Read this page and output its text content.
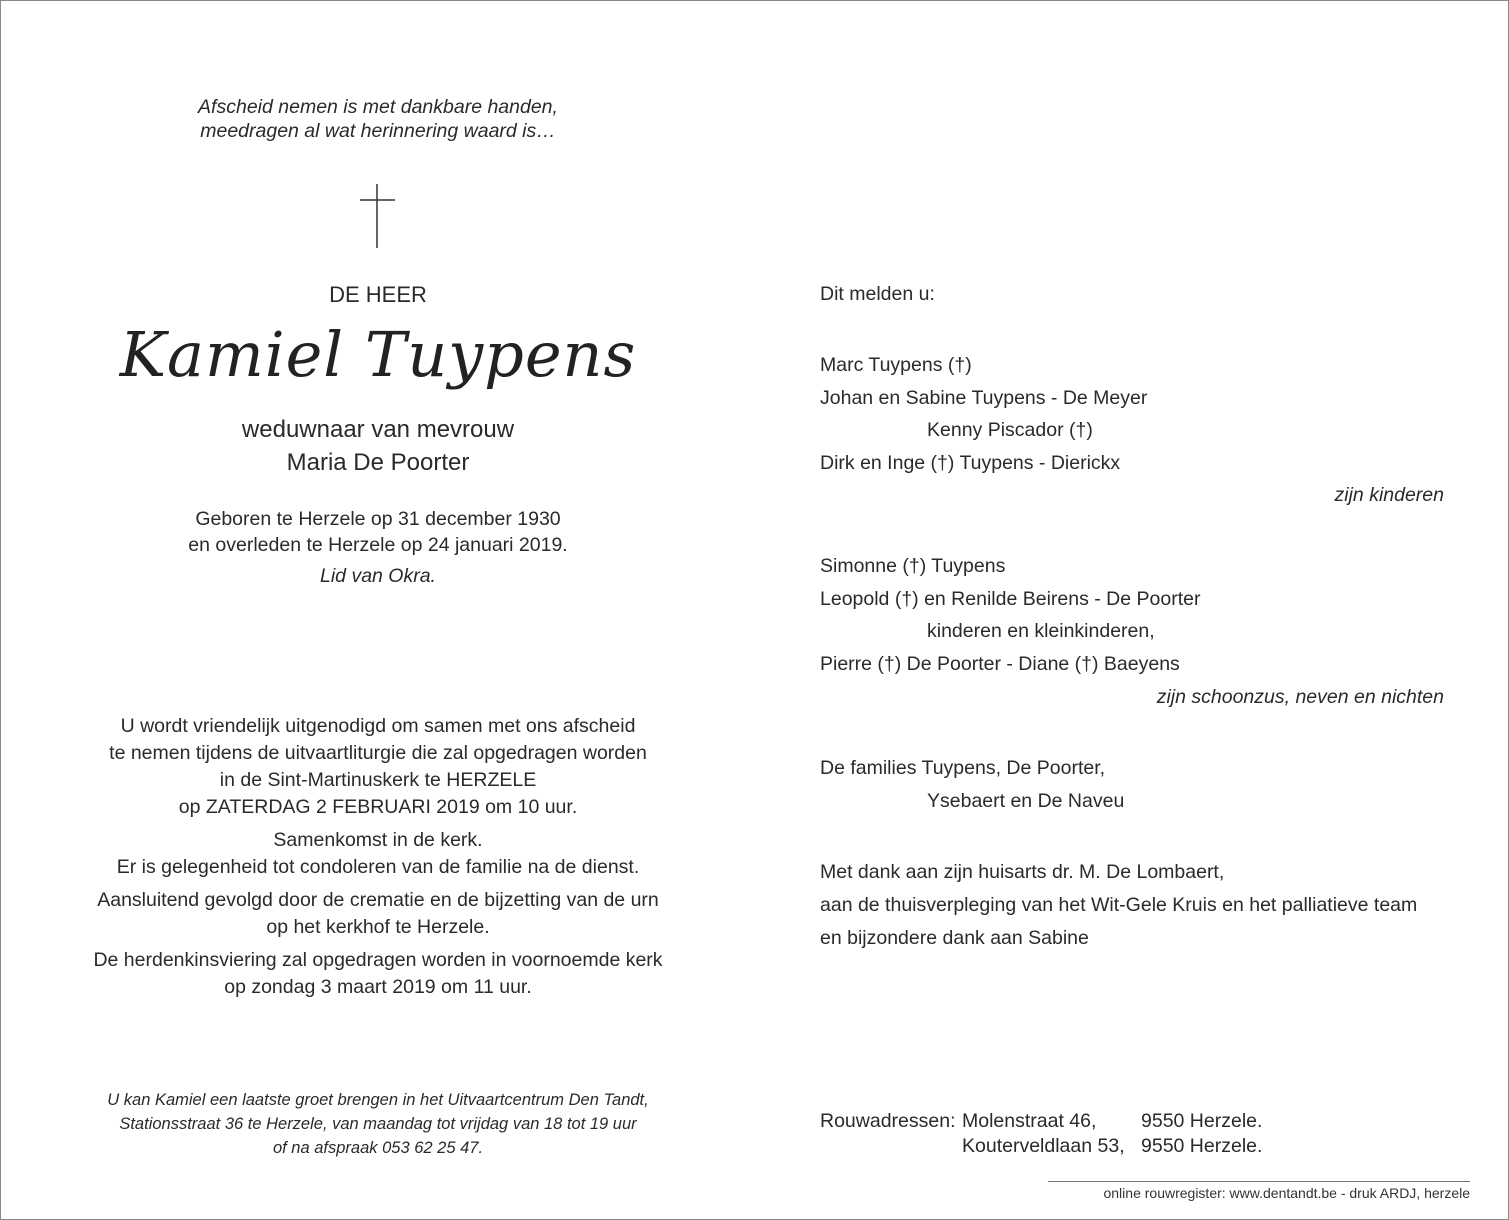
Afscheid nemen is met dankbare handen,
meedragen al wat herinnering waard is…
DE HEER
Kamiel Tuypens
weduwnaar van mevrouw
Maria De Poorter
Geboren te Herzele op 31 december 1930
en overleden te Herzele op 24 januari 2019.
Lid van Okra.
U wordt vriendelijk uitgenodigd om samen met ons afscheid
te nemen tijdens de uitvaartliturgie die zal opgedragen worden
in de Sint-Martinuskerk te HERZELE
op ZATERDAG 2 FEBRUARI 2019 om 10 uur.
Samenkomst in de kerk.
Er is gelegenheid tot condoleren van de familie na de dienst.
Aansluitend gevolgd door de crematie en de bijzetting van de urn
op het kerkhof te Herzele.
De herdenkinsviering zal opgedragen worden in voornoemde kerk
op zondag 3 maart 2019 om 11 uur.
U kan Kamiel een laatste groet brengen in het Uitvaartcentrum Den Tandt,
Stationsstraat 36 te Herzele, van maandag tot vrijdag van 18 tot 19 uur
of na afspraak 053 62 25 47.
Dit melden u:
Marc Tuypens (†)
Johan en Sabine Tuypens - De Meyer
Kenny Piscador (†)
Dirk en Inge (†) Tuypens - Dierickx
zijn kinderen
Simonne (†) Tuypens
Leopold (†) en Renilde Beirens - De Poorter
kinderen en kleinkinderen,
Pierre (†) De Poorter - Diane (†) Baeyens
zijn schoonzus, neven en nichten
De families Tuypens, De Poorter,
Ysebaert en De Naveu
Met dank aan zijn huisarts dr. M. De Lombaert,
aan de thuisverpleging van het Wit-Gele Kruis en het palliatieve team
en bijzondere dank aan Sabine
Rouwadressen: Molenstraat 46, 9550 Herzele.
Kouterveldlaan 53, 9550 Herzele.
online rouwregister: www.dentandt.be - druk ARDJ, herzele
